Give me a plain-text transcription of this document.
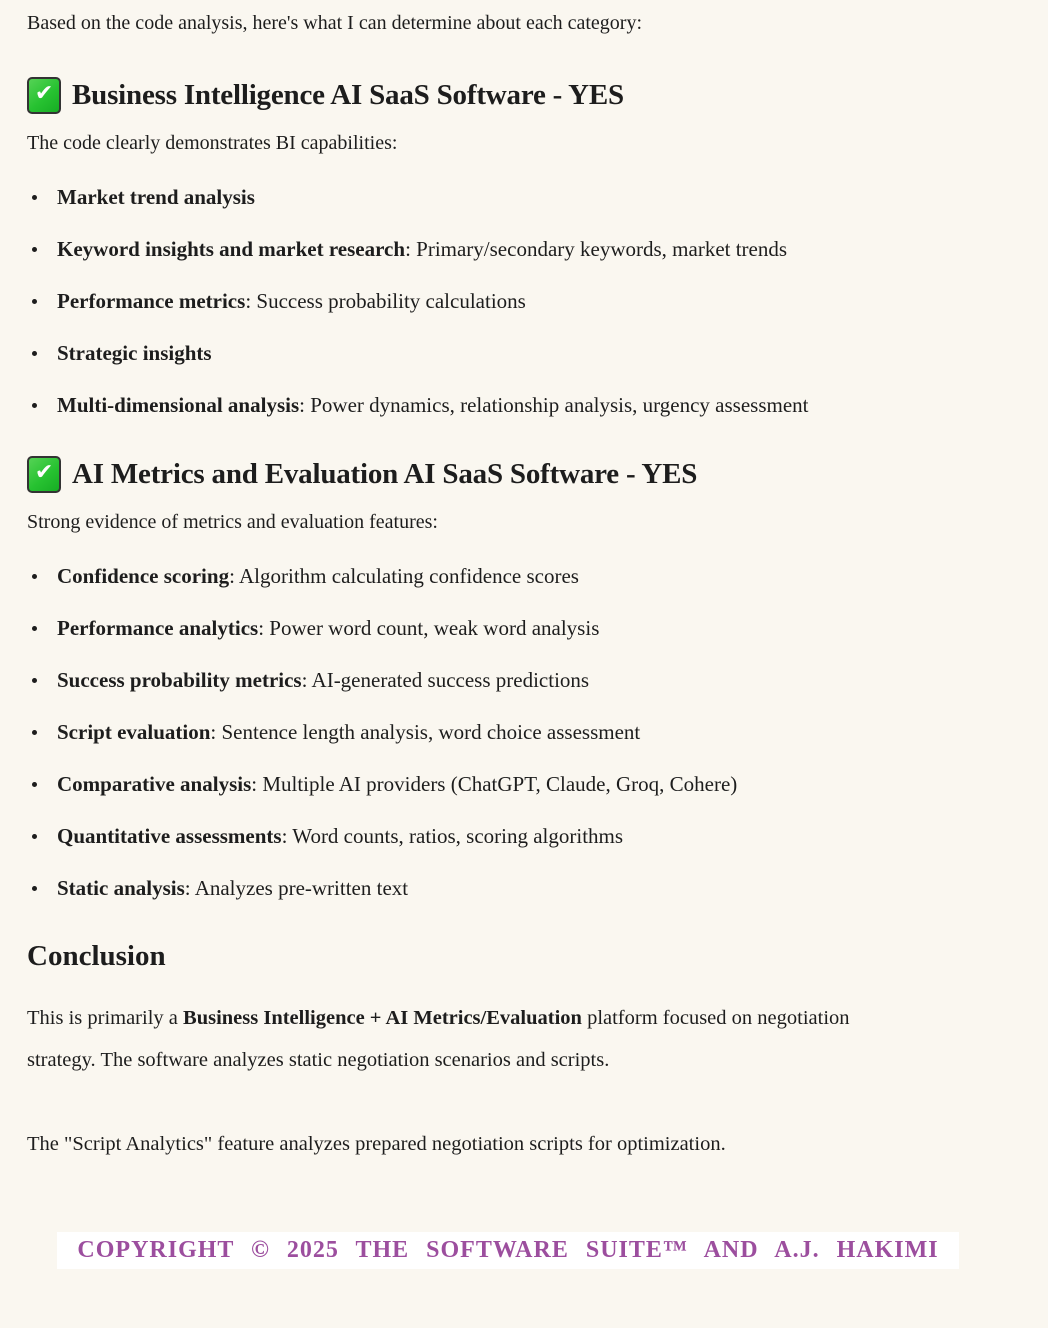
Based on the code analysis, here's what I can determine about each category:

✔ Business Intelligence AI SaaS Software - YES

The code clearly demonstrates BI capabilities:

Market trend analysis
Keyword insights and market research: Primary/secondary keywords, market trends
Performance metrics: Success probability calculations
Strategic insights
Multi-dimensional analysis: Power dynamics, relationship analysis, urgency assessment
✔ AI Metrics and Evaluation AI SaaS Software - YES

Strong evidence of metrics and evaluation features:

Confidence scoring: Algorithm calculating confidence scores
Performance analytics: Power word count, weak word analysis
Success probability metrics: AI-generated success predictions
Script evaluation: Sentence length analysis, word choice assessment
Comparative analysis: Multiple AI providers (ChatGPT, Claude, Groq, Cohere)
Quantitative assessments: Word counts, ratios, scoring algorithms
Static analysis: Analyzes pre-written text
Conclusion

This is primarily a Business Intelligence + AI Metrics/Evaluation platform focused on negotiation strategy. The software analyzes static negotiation scenarios and scripts.

The "Script Analytics" feature analyzes prepared negotiation scripts for optimization.

COPYRIGHT © 2025 THE SOFTWARE SUITE™ AND A.J. HAKIMI
